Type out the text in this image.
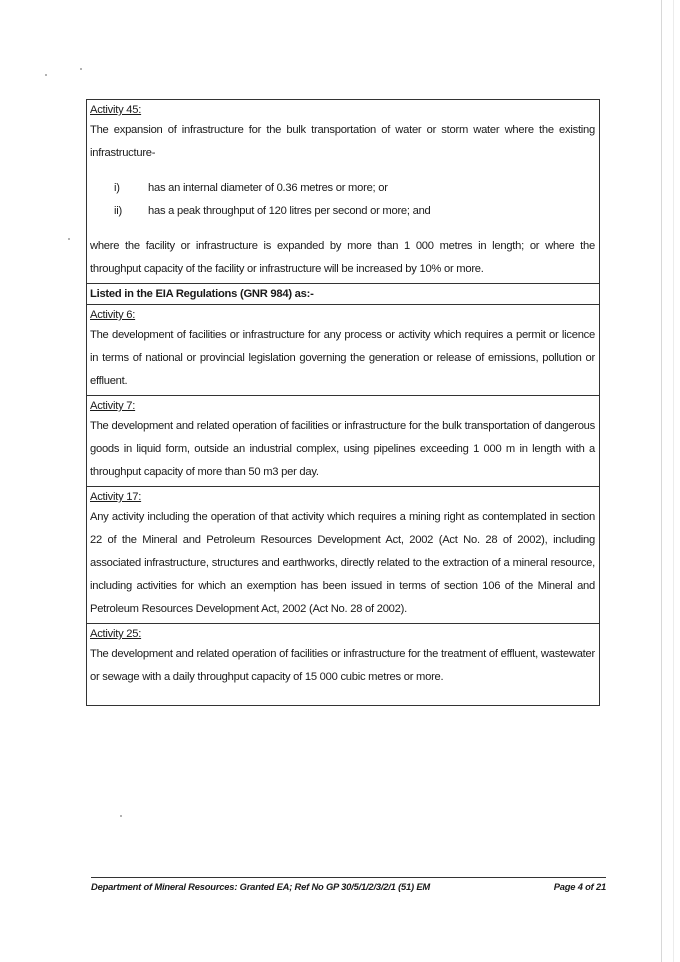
Activity 45:

The expansion of infrastructure for the bulk transportation of water or storm water where the existing infrastructure-

i)	has an internal diameter of 0.36 metres or more; or
ii)	has a peak throughput of 120 litres per second or more; and

where the facility or infrastructure is expanded by more than 1 000 metres in length; or where the throughput capacity of the facility or infrastructure will be increased by 10% or more.

Listed in the EIA Regulations (GNR 984) as:-
Activity 6:

The development of facilities or infrastructure for any process or activity which requires a permit or licence in terms of national or provincial legislation governing the generation or release of emissions, pollution or effluent.

Activity 7:

The development and related operation of facilities or infrastructure for the bulk transportation of dangerous goods in liquid form, outside an industrial complex, using pipelines exceeding 1 000 m in length with a throughput capacity of more than 50 m3 per day.

Activity 17:

Any activity including the operation of that activity which requires a mining right as contemplated in section 22 of the Mineral and Petroleum Resources Development Act, 2002 (Act No. 28 of 2002), including associated infrastructure, structures and earthworks, directly related to the extraction of a mineral resource, including activities for which an exemption has been issued in terms of section 106 of the Mineral and Petroleum Resources Development Act, 2002 (Act No. 28 of 2002).

Activity 25:

The development and related operation of facilities or infrastructure for the treatment of effluent, wastewater or sewage with a daily throughput capacity of 15 000 cubic metres or more.

Department of Mineral Resources: Granted EA; Ref No GP 30/5/1/2/3/2/1 (51) EM	Page 4 of 21
